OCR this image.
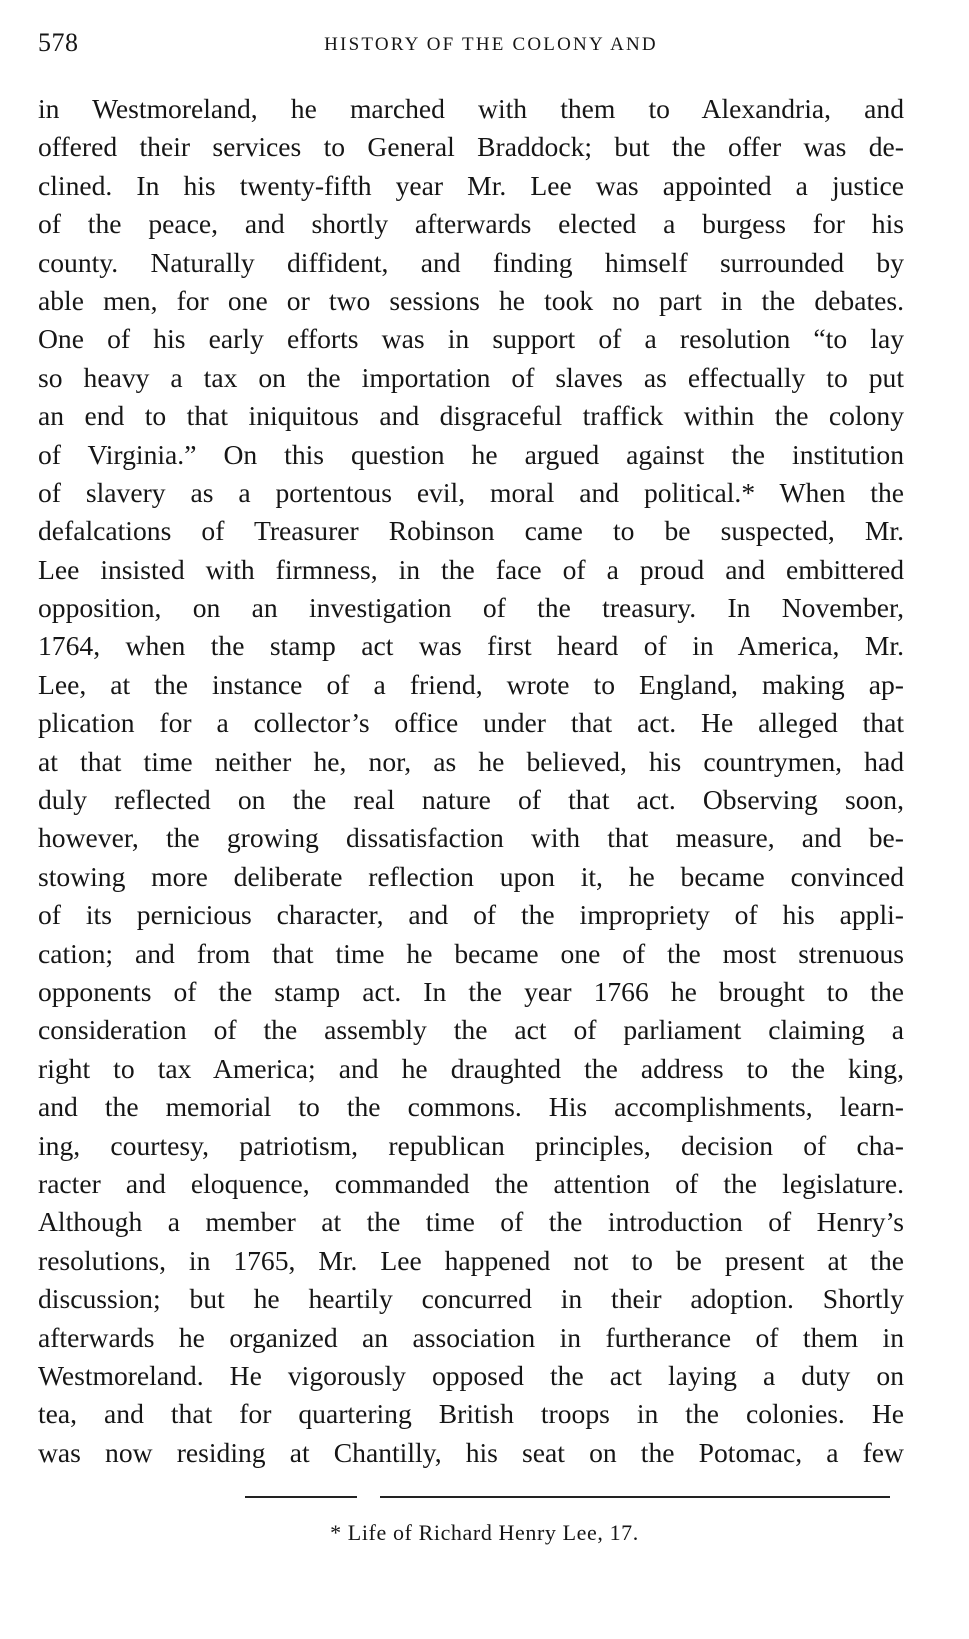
578	HISTORY OF THE COLONY AND
in Westmoreland, he marched with them to Alexandria, and
offered their services to General Braddock; but the offer was de-
clined. In his twenty-fifth year Mr. Lee was appointed a justice
of the peace, and shortly afterwards elected a burgess for his
county. Naturally diffident, and finding himself surrounded by
able men, for one or two sessions he took no part in the debates.
One of his early efforts was in support of a resolution “to lay
so heavy a tax on the importation of slaves as effectually to put
an end to that iniquitous and disgraceful traffick within the colony
of Virginia.” On this question he argued against the institution
of slavery as a portentous evil, moral and political.* When the
defalcations of Treasurer Robinson came to be suspected, Mr.
Lee insisted with firmness, in the face of a proud and embittered
opposition, on an investigation of the treasury. In November,
1764, when the stamp act was first heard of in America, Mr.
Lee, at the instance of a friend, wrote to England, making ap-
plication for a collector’s office under that act. He alleged that
at that time neither he, nor, as he believed, his countrymen, had
duly reflected on the real nature of that act. Observing soon,
however, the growing dissatisfaction with that measure, and be-
stowing more deliberate reflection upon it, he became convinced
of its pernicious character, and of the impropriety of his appli-
cation; and from that time he became one of the most strenuous
opponents of the stamp act. In the year 1766 he brought to the
consideration of the assembly the act of parliament claiming a
right to tax America; and he draughted the address to the king,
and the memorial to the commons. His accomplishments, learn-
ing, courtesy, patriotism, republican principles, decision of cha-
racter and eloquence, commanded the attention of the legislature.
Although a member at the time of the introduction of Henry’s
resolutions, in 1765, Mr. Lee happened not to be present at the
discussion; but he heartily concurred in their adoption. Shortly
afterwards he organized an association in furtherance of them in
Westmoreland. He vigorously opposed the act laying a duty on
tea, and that for quartering British troops in the colonies. He
was now residing at Chantilly, his seat on the Potomac, a few
* Life of Richard Henry Lee, 17.
